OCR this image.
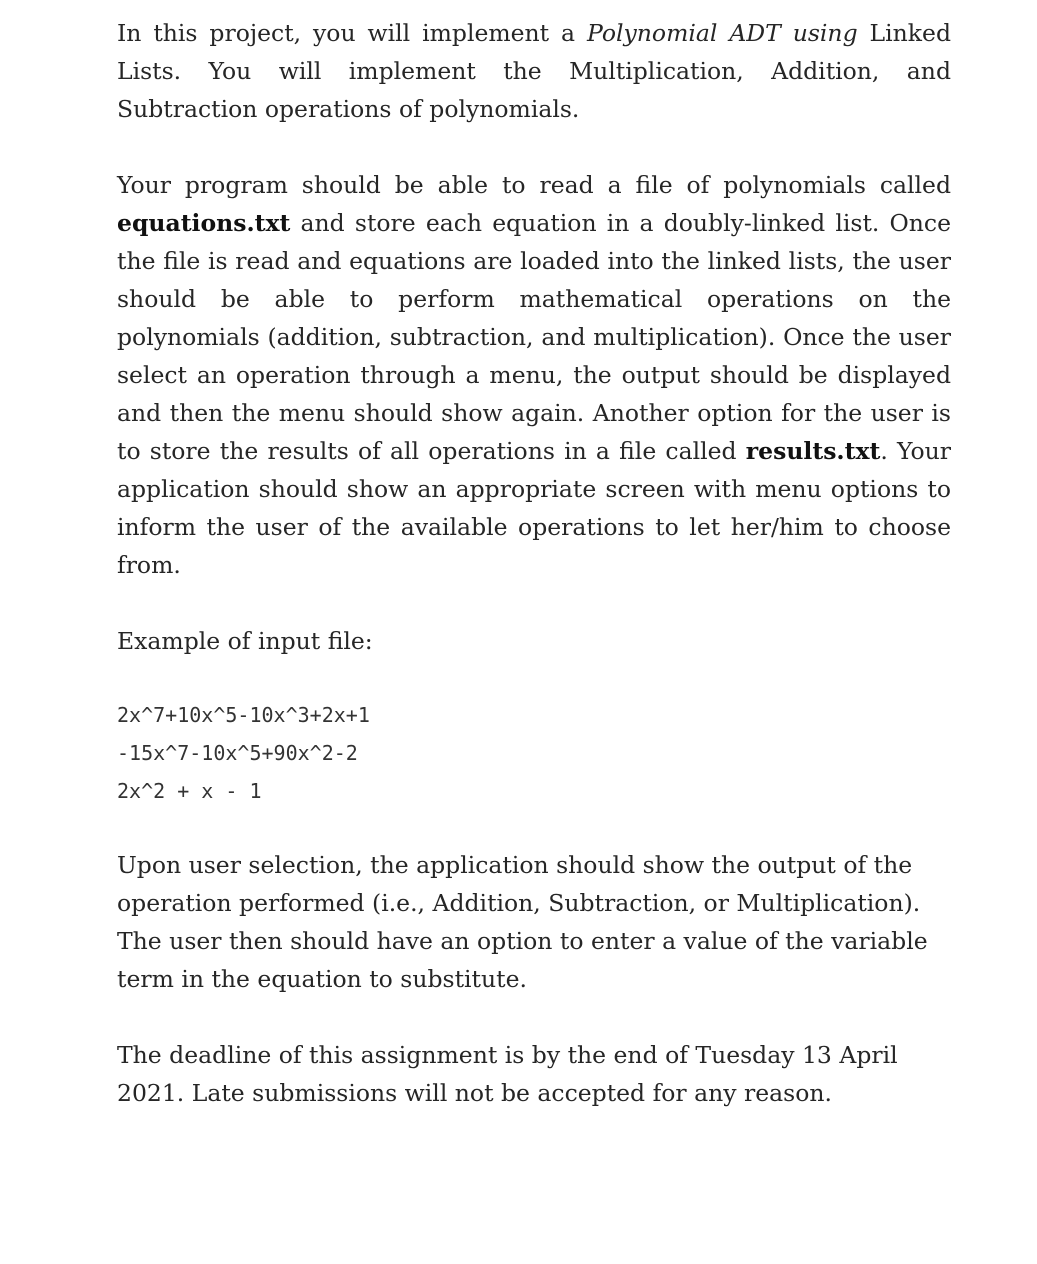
In this project, you will implement a Polynomial ADT using Linked Lists. You will implement the Multiplication, Addition, and Subtraction operations of polynomials.

Your program should be able to read a file of polynomials called equations.txt and store each equation in a doubly-linked list. Once the file is read and equations are loaded into the linked lists, the user should be able to perform mathematical operations on the polynomials (addition, subtraction, and multiplication). Once the user select an operation through a menu, the output should be displayed and then the menu should show again. Another option for the user is to store the results of all operations in a file called results.txt. Your application should show an appropriate screen with menu options to inform the user of the available operations to let her/him to choose from.

Example of input file:

2x^7+10x^5-10x^3+2x+1
-15x^7-10x^5+90x^2-2
2x^2 + x - 1

Upon user selection, the application should show the output of the operation performed (i.e., Addition, Subtraction, or Multiplication). The user then should have an option to enter a value of the variable term in the equation to substitute.

The deadline of this assignment is by the end of Tuesday 13 April 2021. Late submissions will not be accepted for any reason.
